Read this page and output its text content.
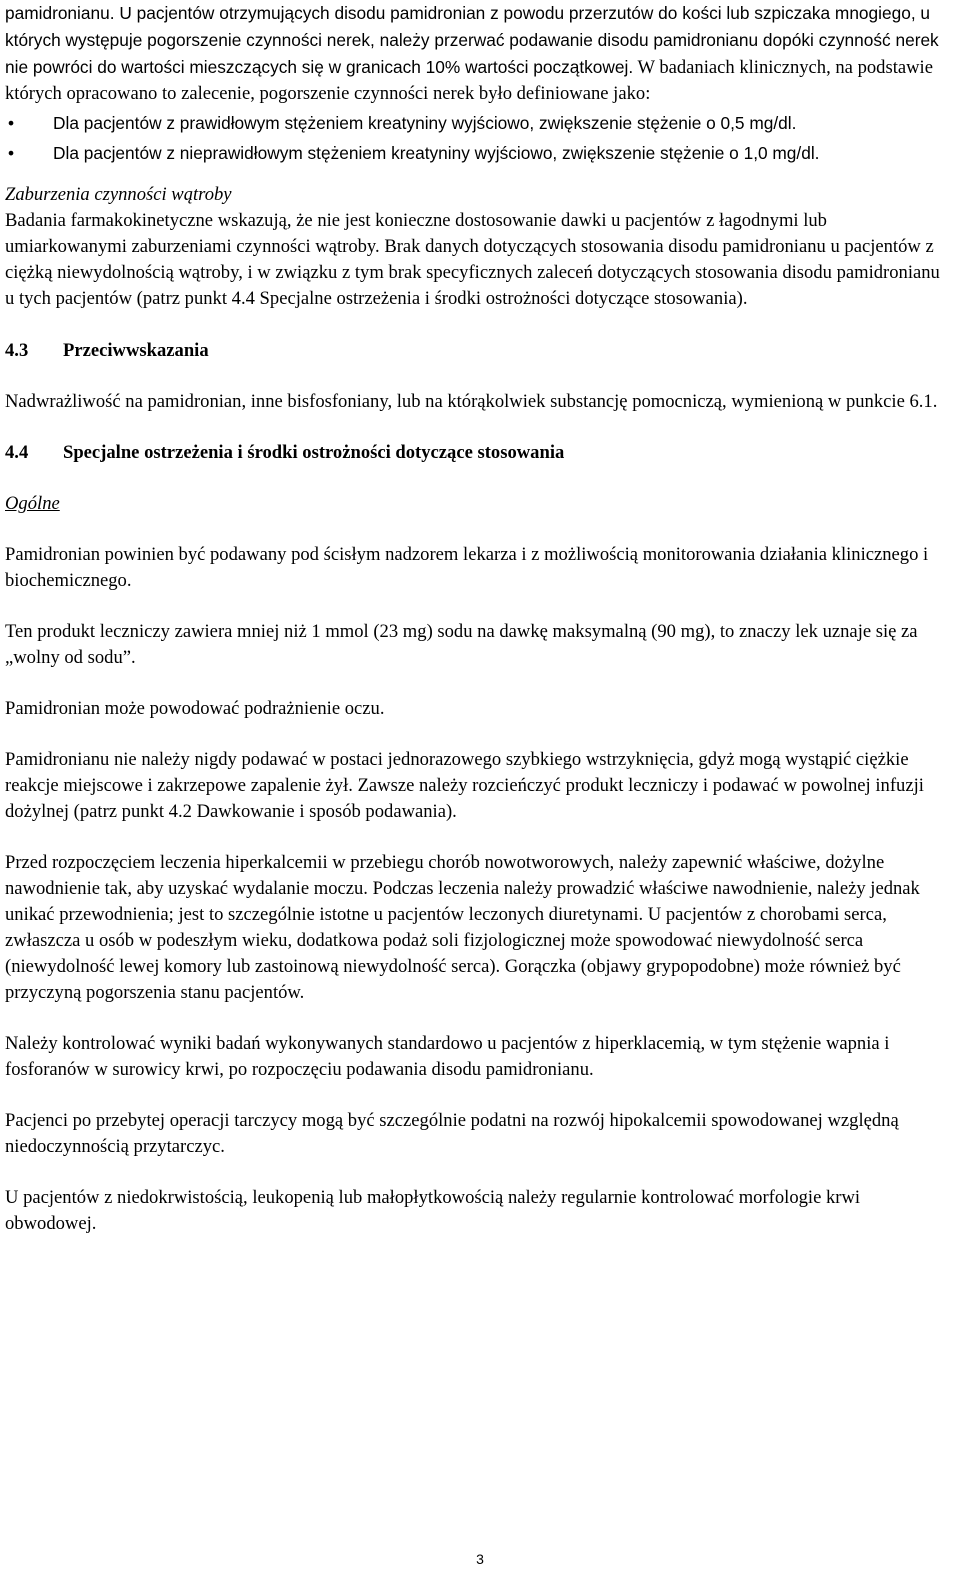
pamidronianu. U pacjentów otrzymujących disodu pamidronian z powodu przerzutów do kości lub szpiczaka mnogiego, u których występuje pogorszenie czynności nerek, należy przerwać podawanie disodu pamidronianu dopóki czynność nerek nie powróci do wartości mieszczących się w granicach 10% wartości początkowej. W badaniach klinicznych, na podstawie których opracowano to zalecenie, pogorszenie czynności nerek było definiowane jako:

• Dla pacjentów z prawidłowym stężeniem kreatyniny wyjściowo, zwiększenie stężenie o 0,5 mg/dl.
• Dla pacjentów z nieprawidłowym stężeniem kreatyniny wyjściowo, zwiększenie stężenie o 1,0 mg/dl.

Zaburzenia czynności wątroby

Badania farmakokinetyczne wskazują, że nie jest konieczne dostosowanie dawki u pacjentów z łagodnymi lub umiarkowanymi zaburzeniami czynności wątroby. Brak danych dotyczących stosowania disodu pamidronianu u pacjentów z ciężką niewydolnością wątroby, i w związku z tym brak specyficznych zaleceń dotyczących stosowania disodu pamidronianu u tych pacjentów (patrz punkt 4.4 Specjalne ostrzeżenia i środki ostrożności dotyczące stosowania).

4.3	Przeciwwskazania

Nadwrażliwość na pamidronian, inne bisfosfoniany, lub na którąkolwiek substancję pomocniczą, wymienioną w punkcie 6.1.

4.4	Specjalne ostrzeżenia i środki ostrożności dotyczące stosowania

Ogólne

Pamidronian powinien być podawany pod ścisłym nadzorem lekarza i z możliwością monitorowania działania klinicznego i biochemicznego.

Ten produkt leczniczy zawiera mniej niż 1 mmol (23 mg) sodu na dawkę maksymalną (90 mg), to znaczy lek uznaje się za „wolny od sodu”.

Pamidronian może powodować podrażnienie oczu.

Pamidronianu nie należy nigdy podawać w postaci jednorazowego szybkiego wstrzyknięcia, gdyż mogą wystąpić ciężkie reakcje miejscowe i zakrzepowe zapalenie żył. Zawsze należy rozcieńczyć produkt leczniczy i podawać w powolnej infuzji dożylnej (patrz punkt 4.2 Dawkowanie i sposób podawania).

Przed rozpoczęciem leczenia hiperkalcemii w przebiegu chorób nowotworowych, należy zapewnić właściwe, dożylne nawodnienie tak, aby uzyskać wydalanie moczu. Podczas leczenia należy prowadzić właściwe nawodnienie, należy jednak unikać przewodnienia; jest to szczególnie istotne u pacjentów leczonych diuretynami. U pacjentów z chorobami serca, zwłaszcza u osób w podeszłym wieku, dodatkowa podaż soli fizjologicznej może spowodować niewydolność serca (niewydolność lewej komory lub zastoinową niewydolność serca). Gorączka (objawy grypopodobne) może również być przyczyną pogorszenia stanu pacjentów.

Należy kontrolować wyniki badań wykonywanych standardowo u pacjentów z hiperklacemią, w tym stężenie wapnia i fosforanów w surowicy krwi, po rozpoczęciu podawania disodu pamidronianu.

Pacjenci po przebytej operacji tarczycy mogą być szczególnie podatni na rozwój hipokalcemii spowodowanej względną niedoczynnością przytarczyc.

U pacjentów z niedokrwistością, leukopenią lub małopłytkowością należy regularnie kontrolować morfologie krwi obwodowej.

3
